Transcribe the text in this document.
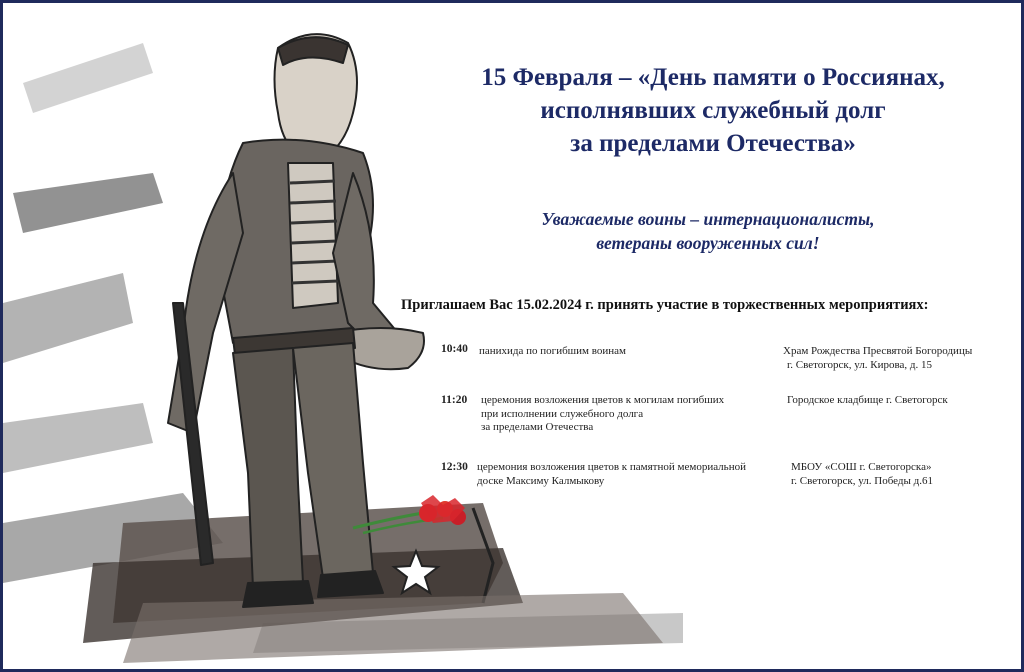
15 Февраля – «День памяти о Россиянах,
исполнявших служебный долг
за пределами Отечества»
Уважаемые воины – интернационалисты,
ветераны вооруженных сил!
Приглашаем Вас 15.02.2024 г. принять участие в торжественных мероприятиях:
10:40 панихида по погибшим воинам	Храм Рождества Пресвятой Богородицы
г. Светогорск, ул. Кирова, д. 15
11:20 церемония возложения цветов к могилам погибших
при исполнении служебного долга
за пределами Отечества
Городское кладбище г. Светогорск
12:30 церемония возложения цветов к памятной мемориальной
доске Максиму Калмыкову
МБОУ «СОШ г. Светогорска»
г. Светогорск, ул. Победы д.61
